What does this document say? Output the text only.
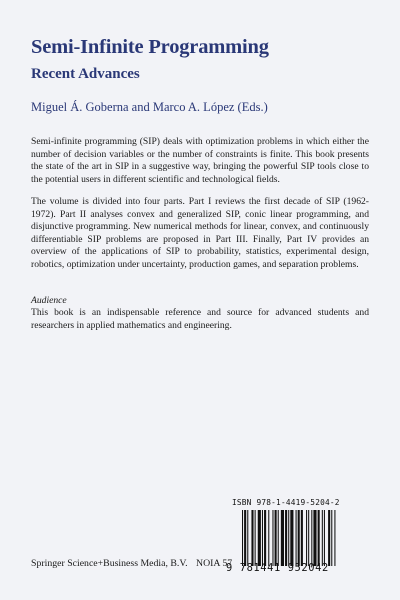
Semi-Infinite Programming
Recent Advances
Miguel Á. Goberna and Marco A. López (Eds.)
Semi-infinite programming (SIP) deals with optimization problems in which either the number of decision variables or the number of constraints is finite. This book presents the state of the art in SIP in a suggestive way, bringing the powerful SIP tools close to the potential users in different scientific and technological fields.
The volume is divided into four parts. Part I reviews the first decade of SIP (1962-1972). Part II analyses convex and generalized SIP, conic linear programming, and disjunctive programming. New numerical methods for linear, convex, and continuously differentiable SIP problems are proposed in Part III. Finally, Part IV provides an overview of the applications of SIP to probability, statistics, experimental design, robotics, optimization under uncertainty, production games, and separation problems.
Audience
This book is an indispensable reference and source for advanced students and researchers in applied mathematics and engineering.
ISBN 978-1-4419-5204-2
9 781441 952042
Springer Science+Business Media, B.V. NOIA 57
